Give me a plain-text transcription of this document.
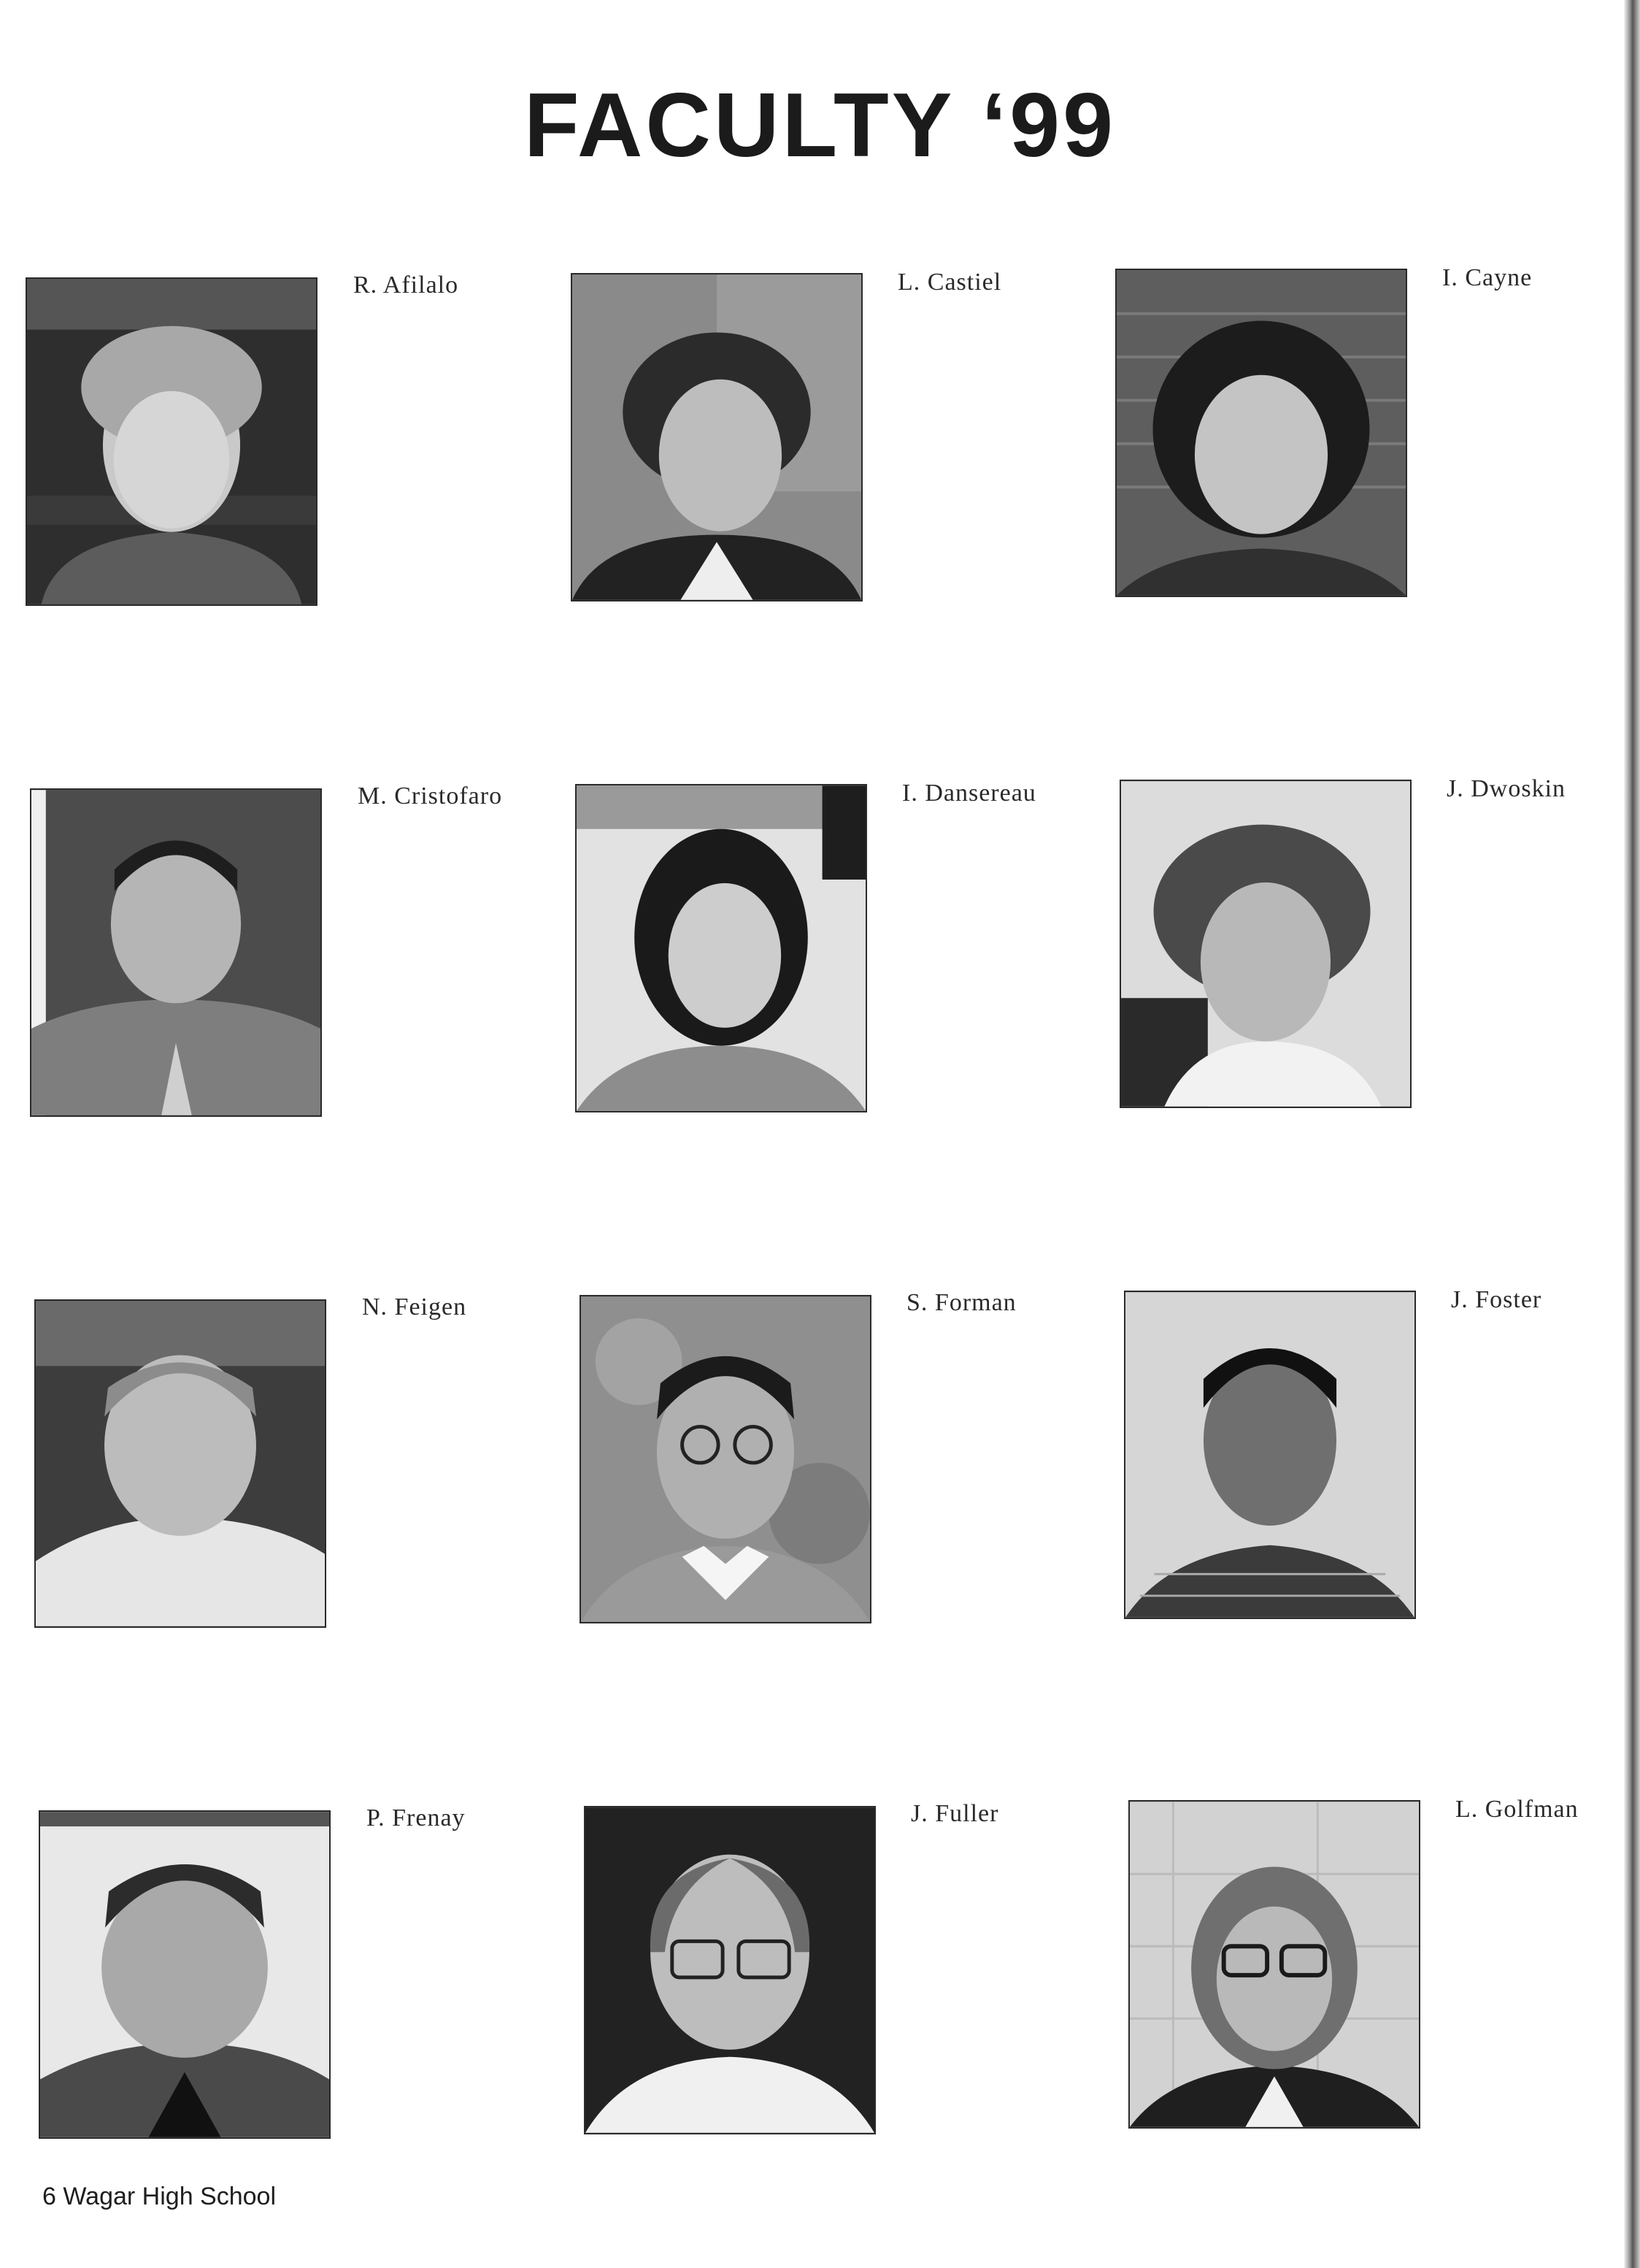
FACULTY ‘99
R. Afilalo	L. Castiel	I. Cayne
M. Cristofaro	I. Dansereau	J. Dwoskin
N. Feigen	S. Forman	J. Foster
P. Frenay	J. Fuller	L. Golfman
6 Wagar High School
